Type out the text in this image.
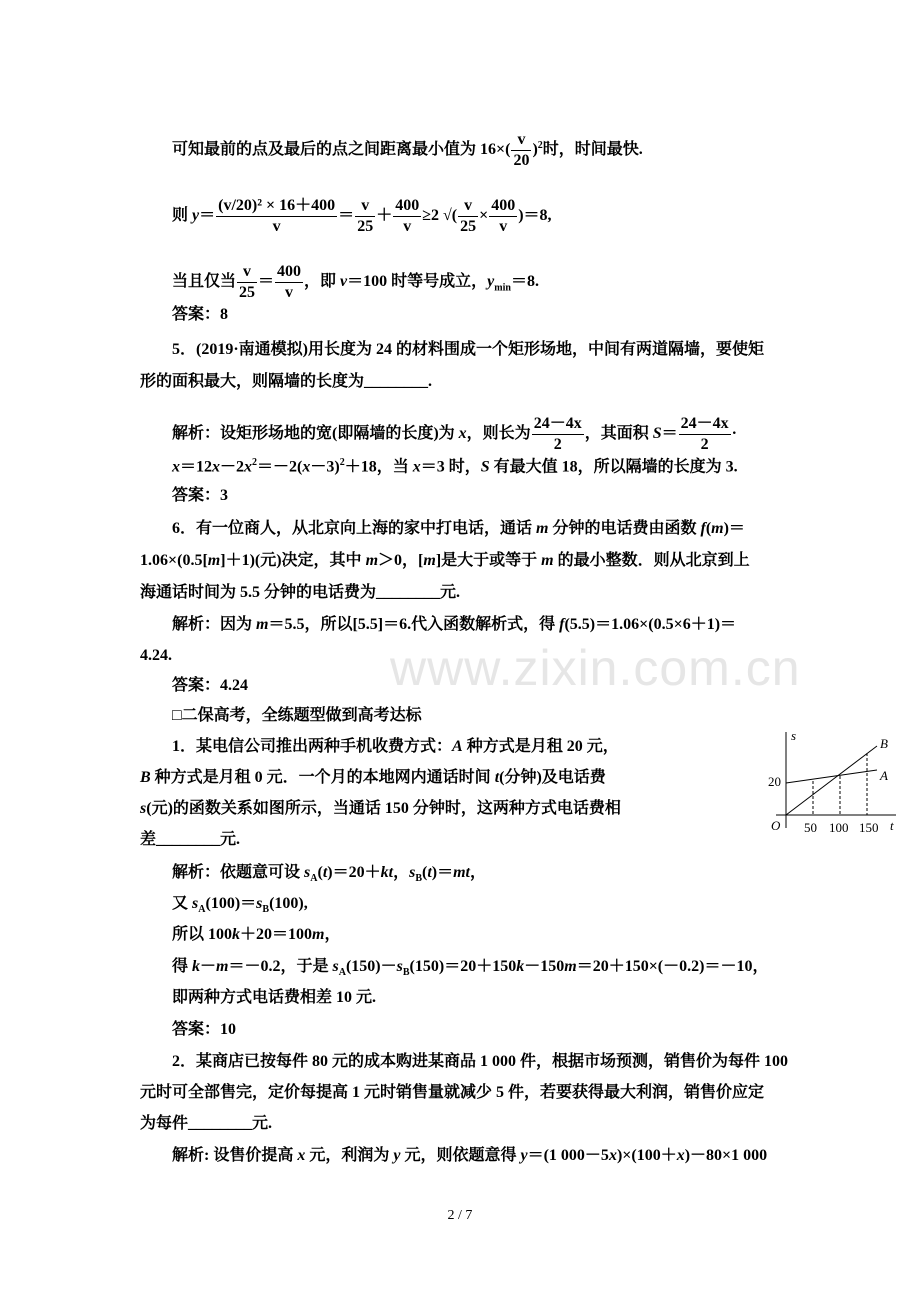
www.zixin.com.cn
可知最前的点及最后的点之间距离最小值为 $16\times( \frac{v}{20} )^2$时，时间最快.
则 $y= \frac{\text{(v/20)² × 16＋400}}{v} = \frac{v}{25} + \frac{400}{v} \ge 2$ √( $\frac{v}{25} \times \frac{400}{v} )=8$,
当且仅当 $\frac{v}{25} = \frac{400}{v}$ ，即 v＝100 时等号成立，$y_{min}=8$.
答案：8
5．(2019·南通模拟)用长度为 24 的材料围成一个矩形场地，中间有两道隔墙，要使矩
形的面积最大，则隔墙的长度为________.
解析：设矩形场地的宽(即隔墙的长度)为 x，则长为 $\frac{24-4x}{2}$ ，其面积 $S= \frac{24-4x}{2}$ ·
$x=12x-2x^2=-2(x-3)^2+18$，当 x＝3 时，S 有最大值 18，所以隔墙的长度为 3.
答案：3
6．有一位商人，从北京向上海的家中打电话，通话 m 分钟的电话费由函数 f(m)＝
1.06×(0.5[m]＋1)(元)决定，其中 m＞0，[m]是大于或等于 m 的最小整数．则从北京到上
海通话时间为 5.5 分钟的电话费为________元.
解析：因为 m＝5.5，所以[5.5]＝6.代入函数解析式，得 f(5.5)＝1.06×(0.5×6＋1)＝
4.24.
答案：4.24
□二保高考，全练题型做到高考达标
1．某电信公司推出两种手机收费方式：A 种方式是月租 20 元，
B 种方式是月租 0 元．一个月的本地网内通话时间 t(分钟)及电话费
s(元)的函数关系如图所示，当通话 150 分钟时，这两种方式电话费相
差________元.
解析：依题意可设 $s_A(t)=20+kt$，$s_B(t)=mt$，
又 $s_A(100)=s_B(100)$,
所以 100k＋20＝100m，
得 k－m＝－0.2，于是 $s_A(150)-s_B(150)=20+150k-150m=20+150\times(-0.2)=-10$，
即两种方式电话费相差 10 元.
答案：10
2．某商店已按每件 80 元的成本购进某商品 1 000 件，根据市场预测，销售价为每件 100
元时可全部售完，定价每提高 1 元时销售量就减少 5 件，若要获得最大利润，销售价应定
为每件________元.
解析: 设售价提高 x 元，利润为 y 元，则依题意得 y＝(1 000－5x)×(100＋x)－80×1 000
s
t
O
20
50 100 150
A
B
2 / 7
